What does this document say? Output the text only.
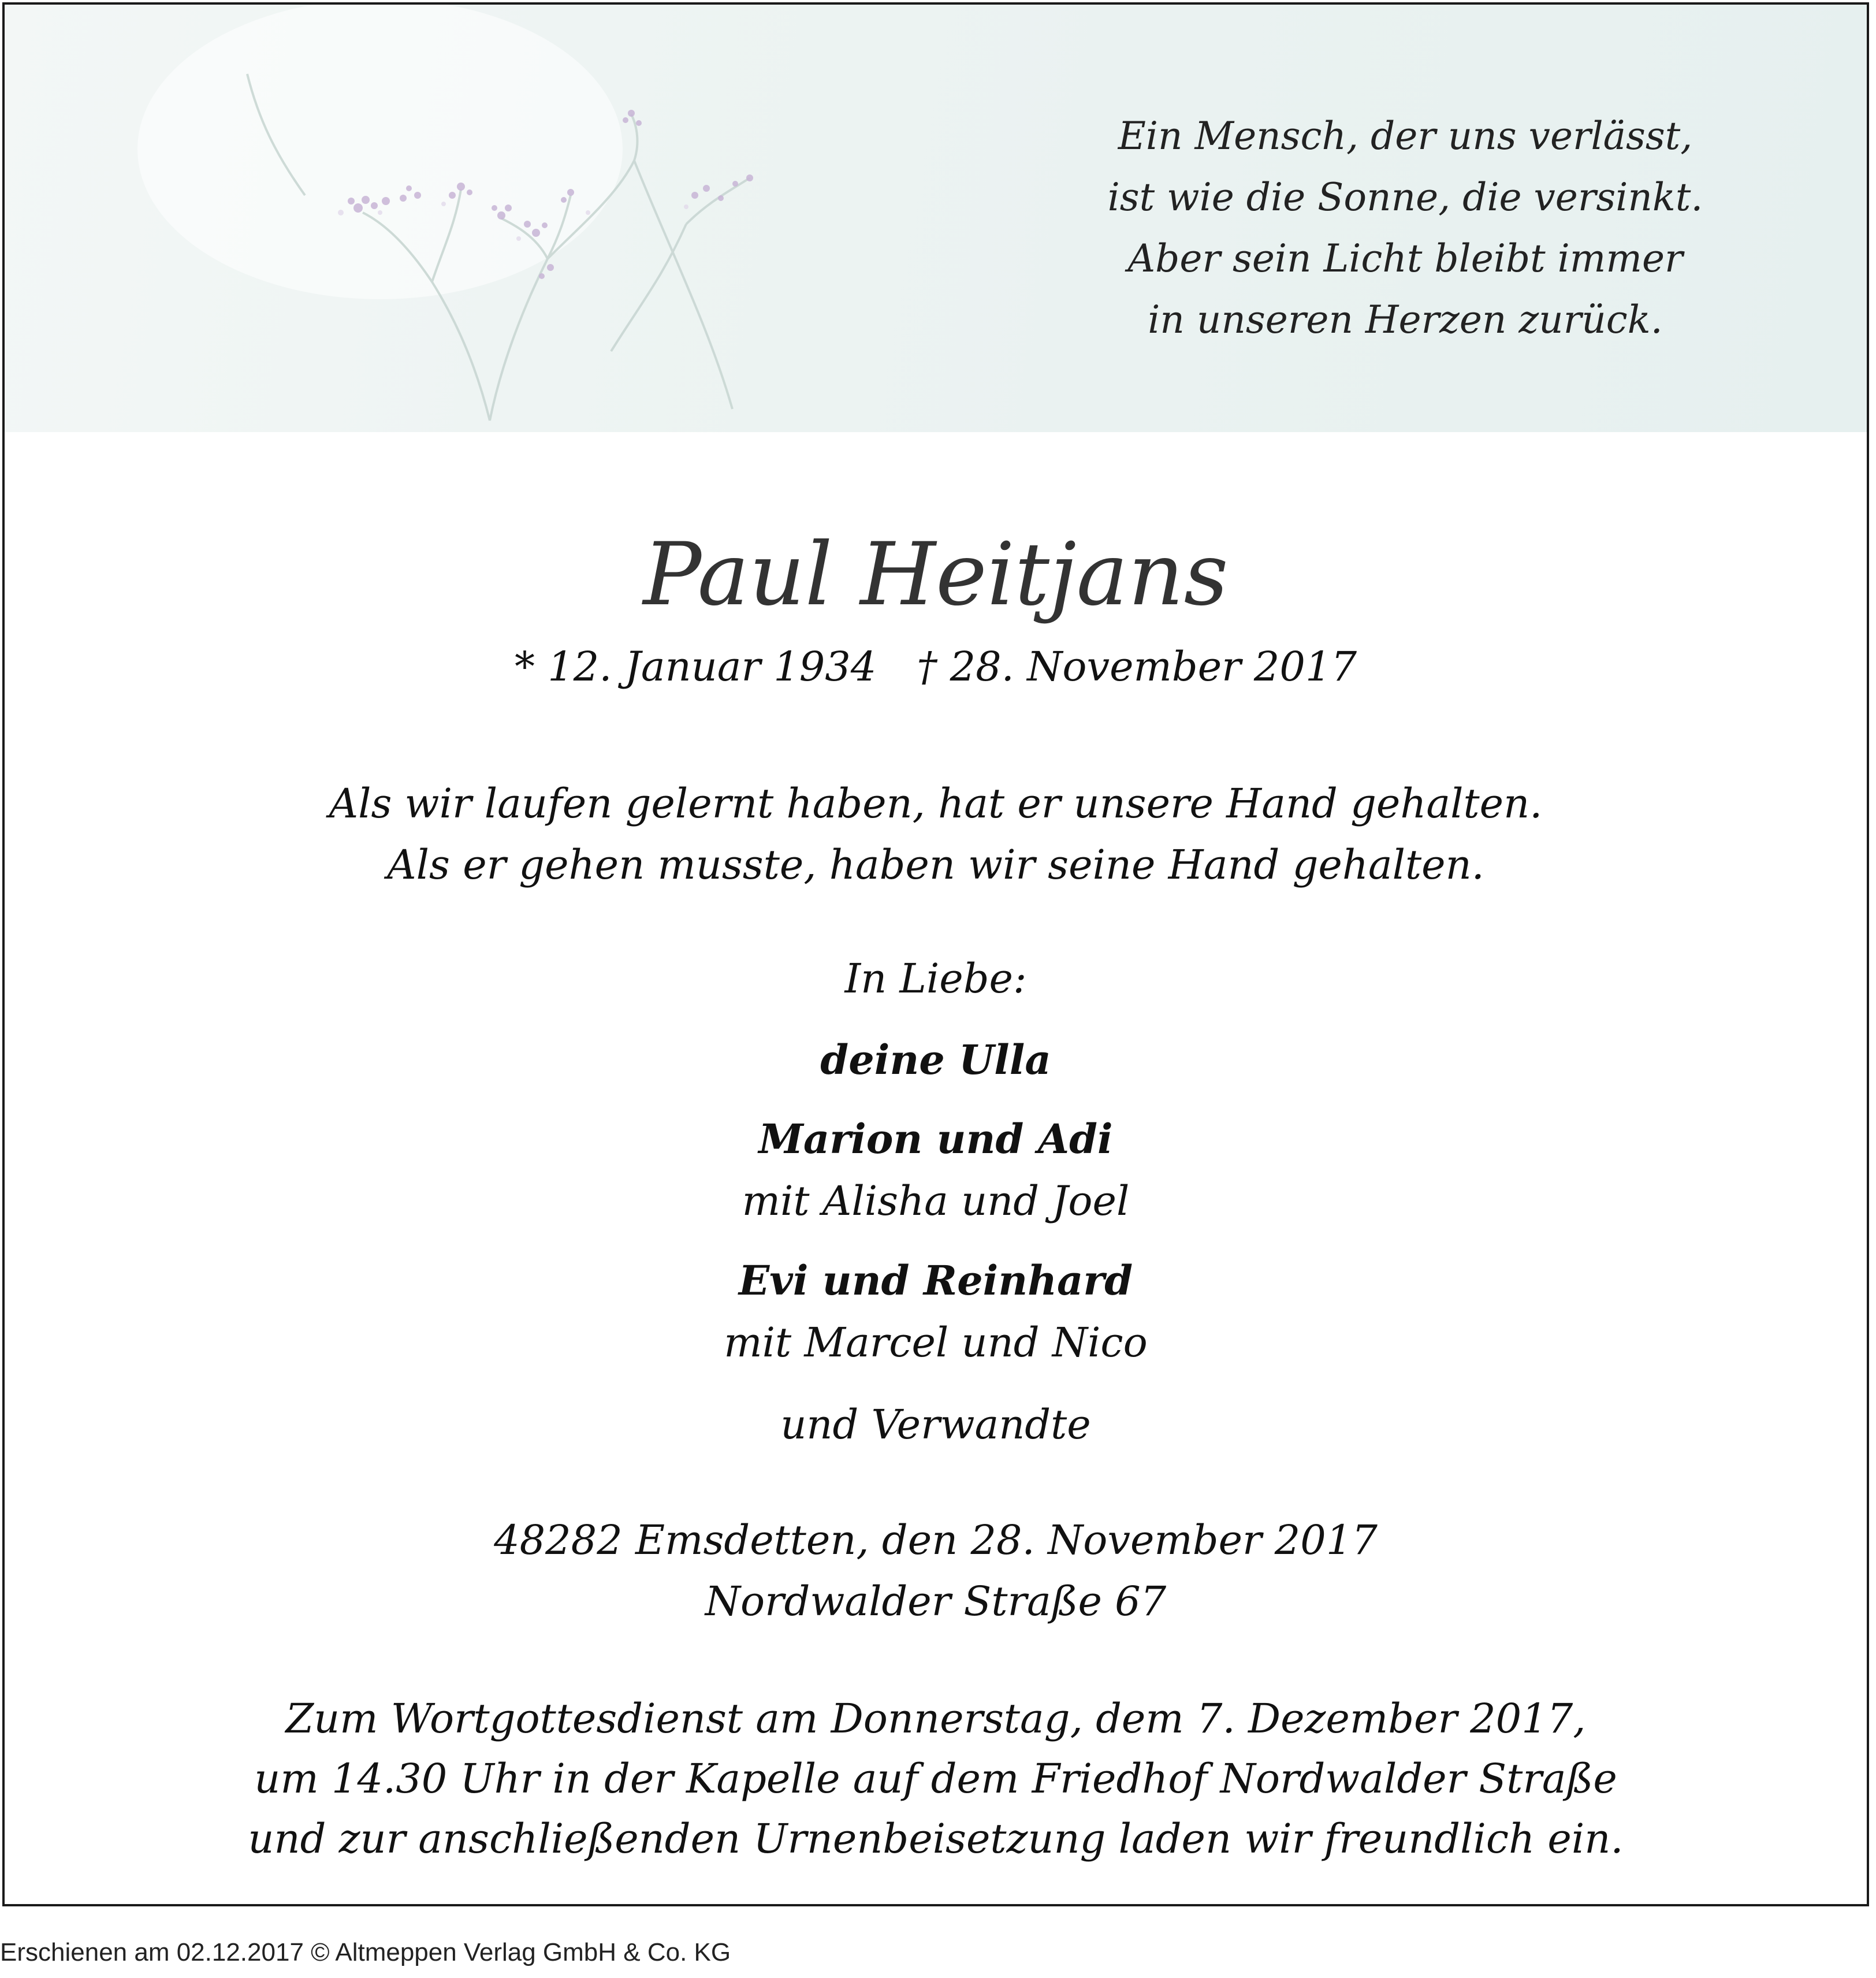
Ein Mensch, der uns verlässt,
ist wie die Sonne, die versinkt.
Aber sein Licht bleibt immer
in unseren Herzen zurück.
Paul Heitjans
* 12. Januar 1934 † 28. November 2017
Als wir laufen gelernt haben, hat er unsere Hand gehalten.
Als er gehen musste, haben wir seine Hand gehalten.
In Liebe:
deine Ulla
Marion und Adi
mit Alisha und Joel
Evi und Reinhard
mit Marcel und Nico
und Verwandte
48282 Emsdetten, den 28. November 2017
Nordwalder Straße 67
Zum Wortgottesdienst am Donnerstag, dem 7. Dezember 2017,
um 14.30 Uhr in der Kapelle auf dem Friedhof Nordwalder Straße
und zur anschließenden Urnenbeisetzung laden wir freundlich ein.
Erschienen am 02.12.2017 © Altmeppen Verlag GmbH & Co. KG
